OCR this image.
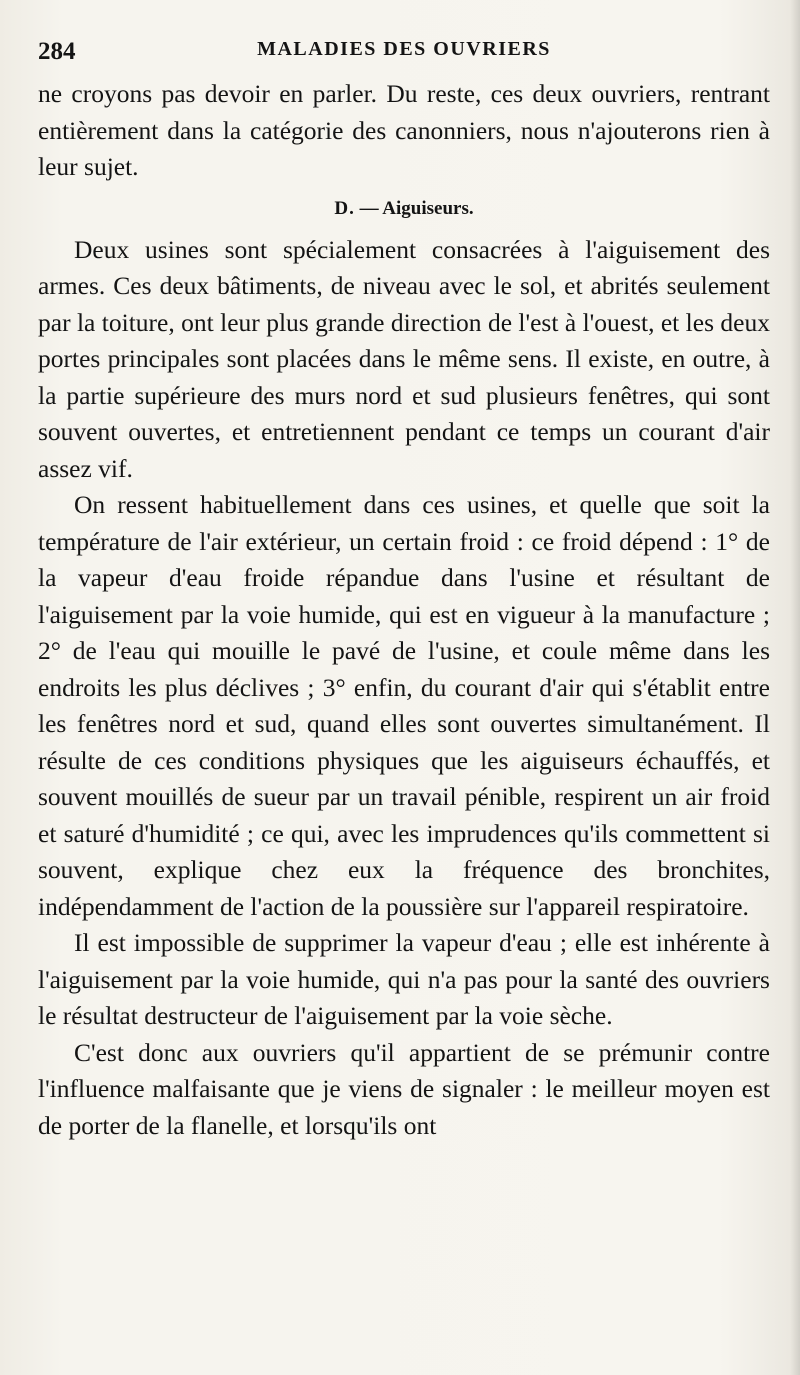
284	MALADIES DES OUVRIERS

ne croyons pas devoir en parler. Du reste, ces deux ouvriers, rentrant entièrement dans la catégorie des canonniers, nous n'ajouterons rien à leur sujet.

D. — Aiguiseurs.

Deux usines sont spécialement consacrées à l'aiguisement des armes. Ces deux bâtiments, de niveau avec le sol, et abrités seulement par la toiture, ont leur plus grande direction de l'est à l'ouest, et les deux portes principales sont placées dans le même sens. Il existe, en outre, à la partie supérieure des murs nord et sud plusieurs fenêtres, qui sont souvent ouvertes, et entretiennent pendant ce temps un courant d'air assez vif.

On ressent habituellement dans ces usines, et quelle que soit la température de l'air extérieur, un certain froid : ce froid dépend : 1° de la vapeur d'eau froide répandue dans l'usine et résultant de l'aiguisement par la voie humide, qui est en vigueur à la manufacture ; 2° de l'eau qui mouille le pavé de l'usine, et coule même dans les endroits les plus déclives ; 3° enfin, du courant d'air qui s'établit entre les fenêtres nord et sud, quand elles sont ouvertes simultanément. Il résulte de ces conditions physiques que les aiguiseurs échauffés, et souvent mouillés de sueur par un travail pénible, respirent un air froid et saturé d'humidité ; ce qui, avec les imprudences qu'ils commettent si souvent, explique chez eux la fréquence des bronchites, indépendamment de l'action de la poussière sur l'appareil respiratoire.

Il est impossible de supprimer la vapeur d'eau ; elle est inhérente à l'aiguisement par la voie humide, qui n'a pas pour la santé des ouvriers le résultat destructeur de l'aiguisement par la voie sèche.

C'est donc aux ouvriers qu'il appartient de se prémunir contre l'influence malfaisante que je viens de signaler : le meilleur moyen est de porter de la flanelle, et lorsqu'ils ont
